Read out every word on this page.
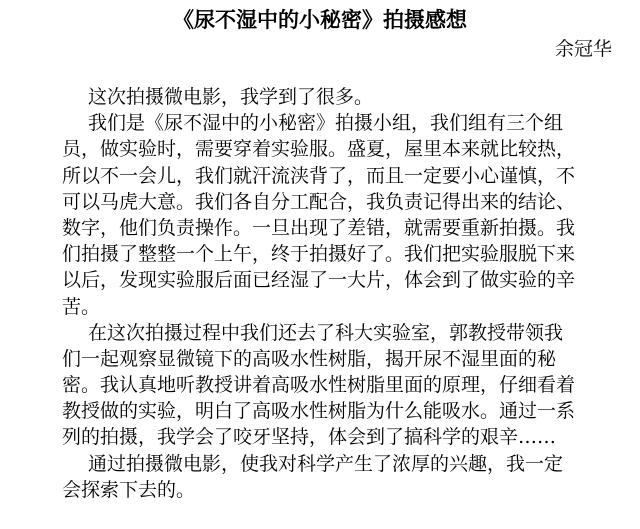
《尿不湿中的小秘密》拍摄感想
余冠华
这次拍摄微电影，我学到了很多。
我们是《尿不湿中的小秘密》拍摄小组，我们组有三个组
员，做实验时，需要穿着实验服。盛夏，屋里本来就比较热，
所以不一会儿，我们就汗流浃背了，而且一定要小心谨慎，不
可以马虎大意。我们各自分工配合，我负责记得出来的结论、
数字，他们负责操作。一旦出现了差错，就需要重新拍摄。我
们拍摄了整整一个上午，终于拍摄好了。我们把实验服脱下来
以后，发现实验服后面已经湿了一大片，体会到了做实验的辛
苦。
在这次拍摄过程中我们还去了科大实验室，郭教授带领我
们一起观察显微镜下的高吸水性树脂，揭开尿不湿里面的秘
密。我认真地听教授讲着高吸水性树脂里面的原理，仔细看着
教授做的实验，明白了高吸水性树脂为什么能吸水。通过一系
列的拍摄，我学会了咬牙坚持，体会到了搞科学的艰辛……
通过拍摄微电影，使我对科学产生了浓厚的兴趣，我一定
会探索下去的。
